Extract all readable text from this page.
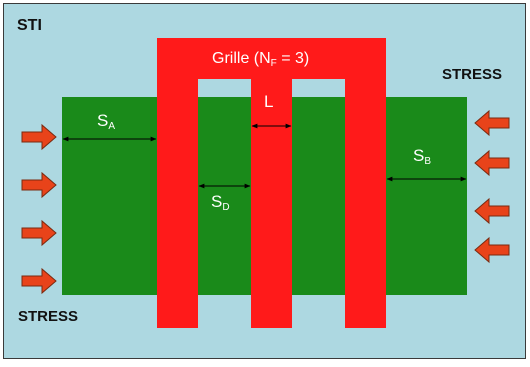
STI
STRESS
STRESS
Grille $(N_F = 3)$
$S_A$
L
$S_D$
$S_B$
